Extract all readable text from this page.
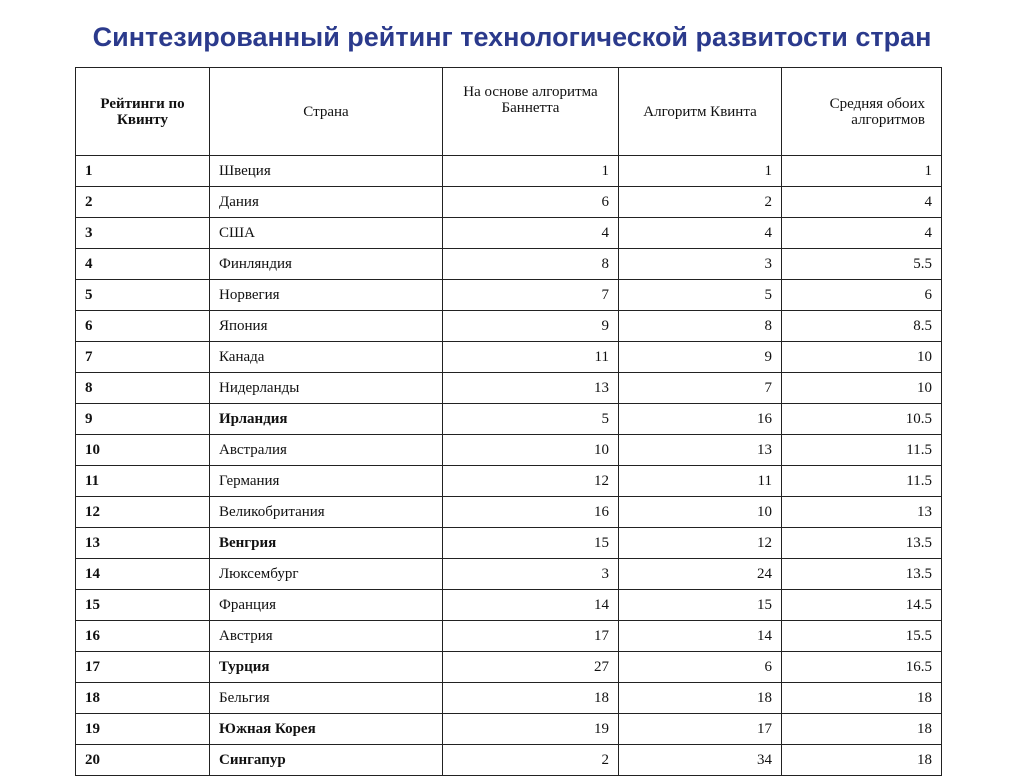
Синтезированный рейтинг технологической развитости стран
Рейтинги по Квинту	Страна	На основе алгоритма Баннетта	Алгоритм Квинта	Средняя обоих алгоритмов
1	Швеция	1	1	1
2	Дания	6	2	4
3	США	4	4	4
4	Финляндия	8	3	5.5
5	Норвегия	7	5	6
6	Япония	9	8	8.5
7	Канада	11	9	10
8	Нидерланды	13	7	10
9	Ирландия	5	16	10.5
10	Австралия	10	13	11.5
11	Германия	12	11	11.5
12	Великобритания	16	10	13
13	Венгрия	15	12	13.5
14	Люксембург	3	24	13.5
15	Франция	14	15	14.5
16	Австрия	17	14	15.5
17	Турция	27	6	16.5
18	Бельгия	18	18	18
19	Южная Корея	19	17	18
20	Сингапур	2	34	18
